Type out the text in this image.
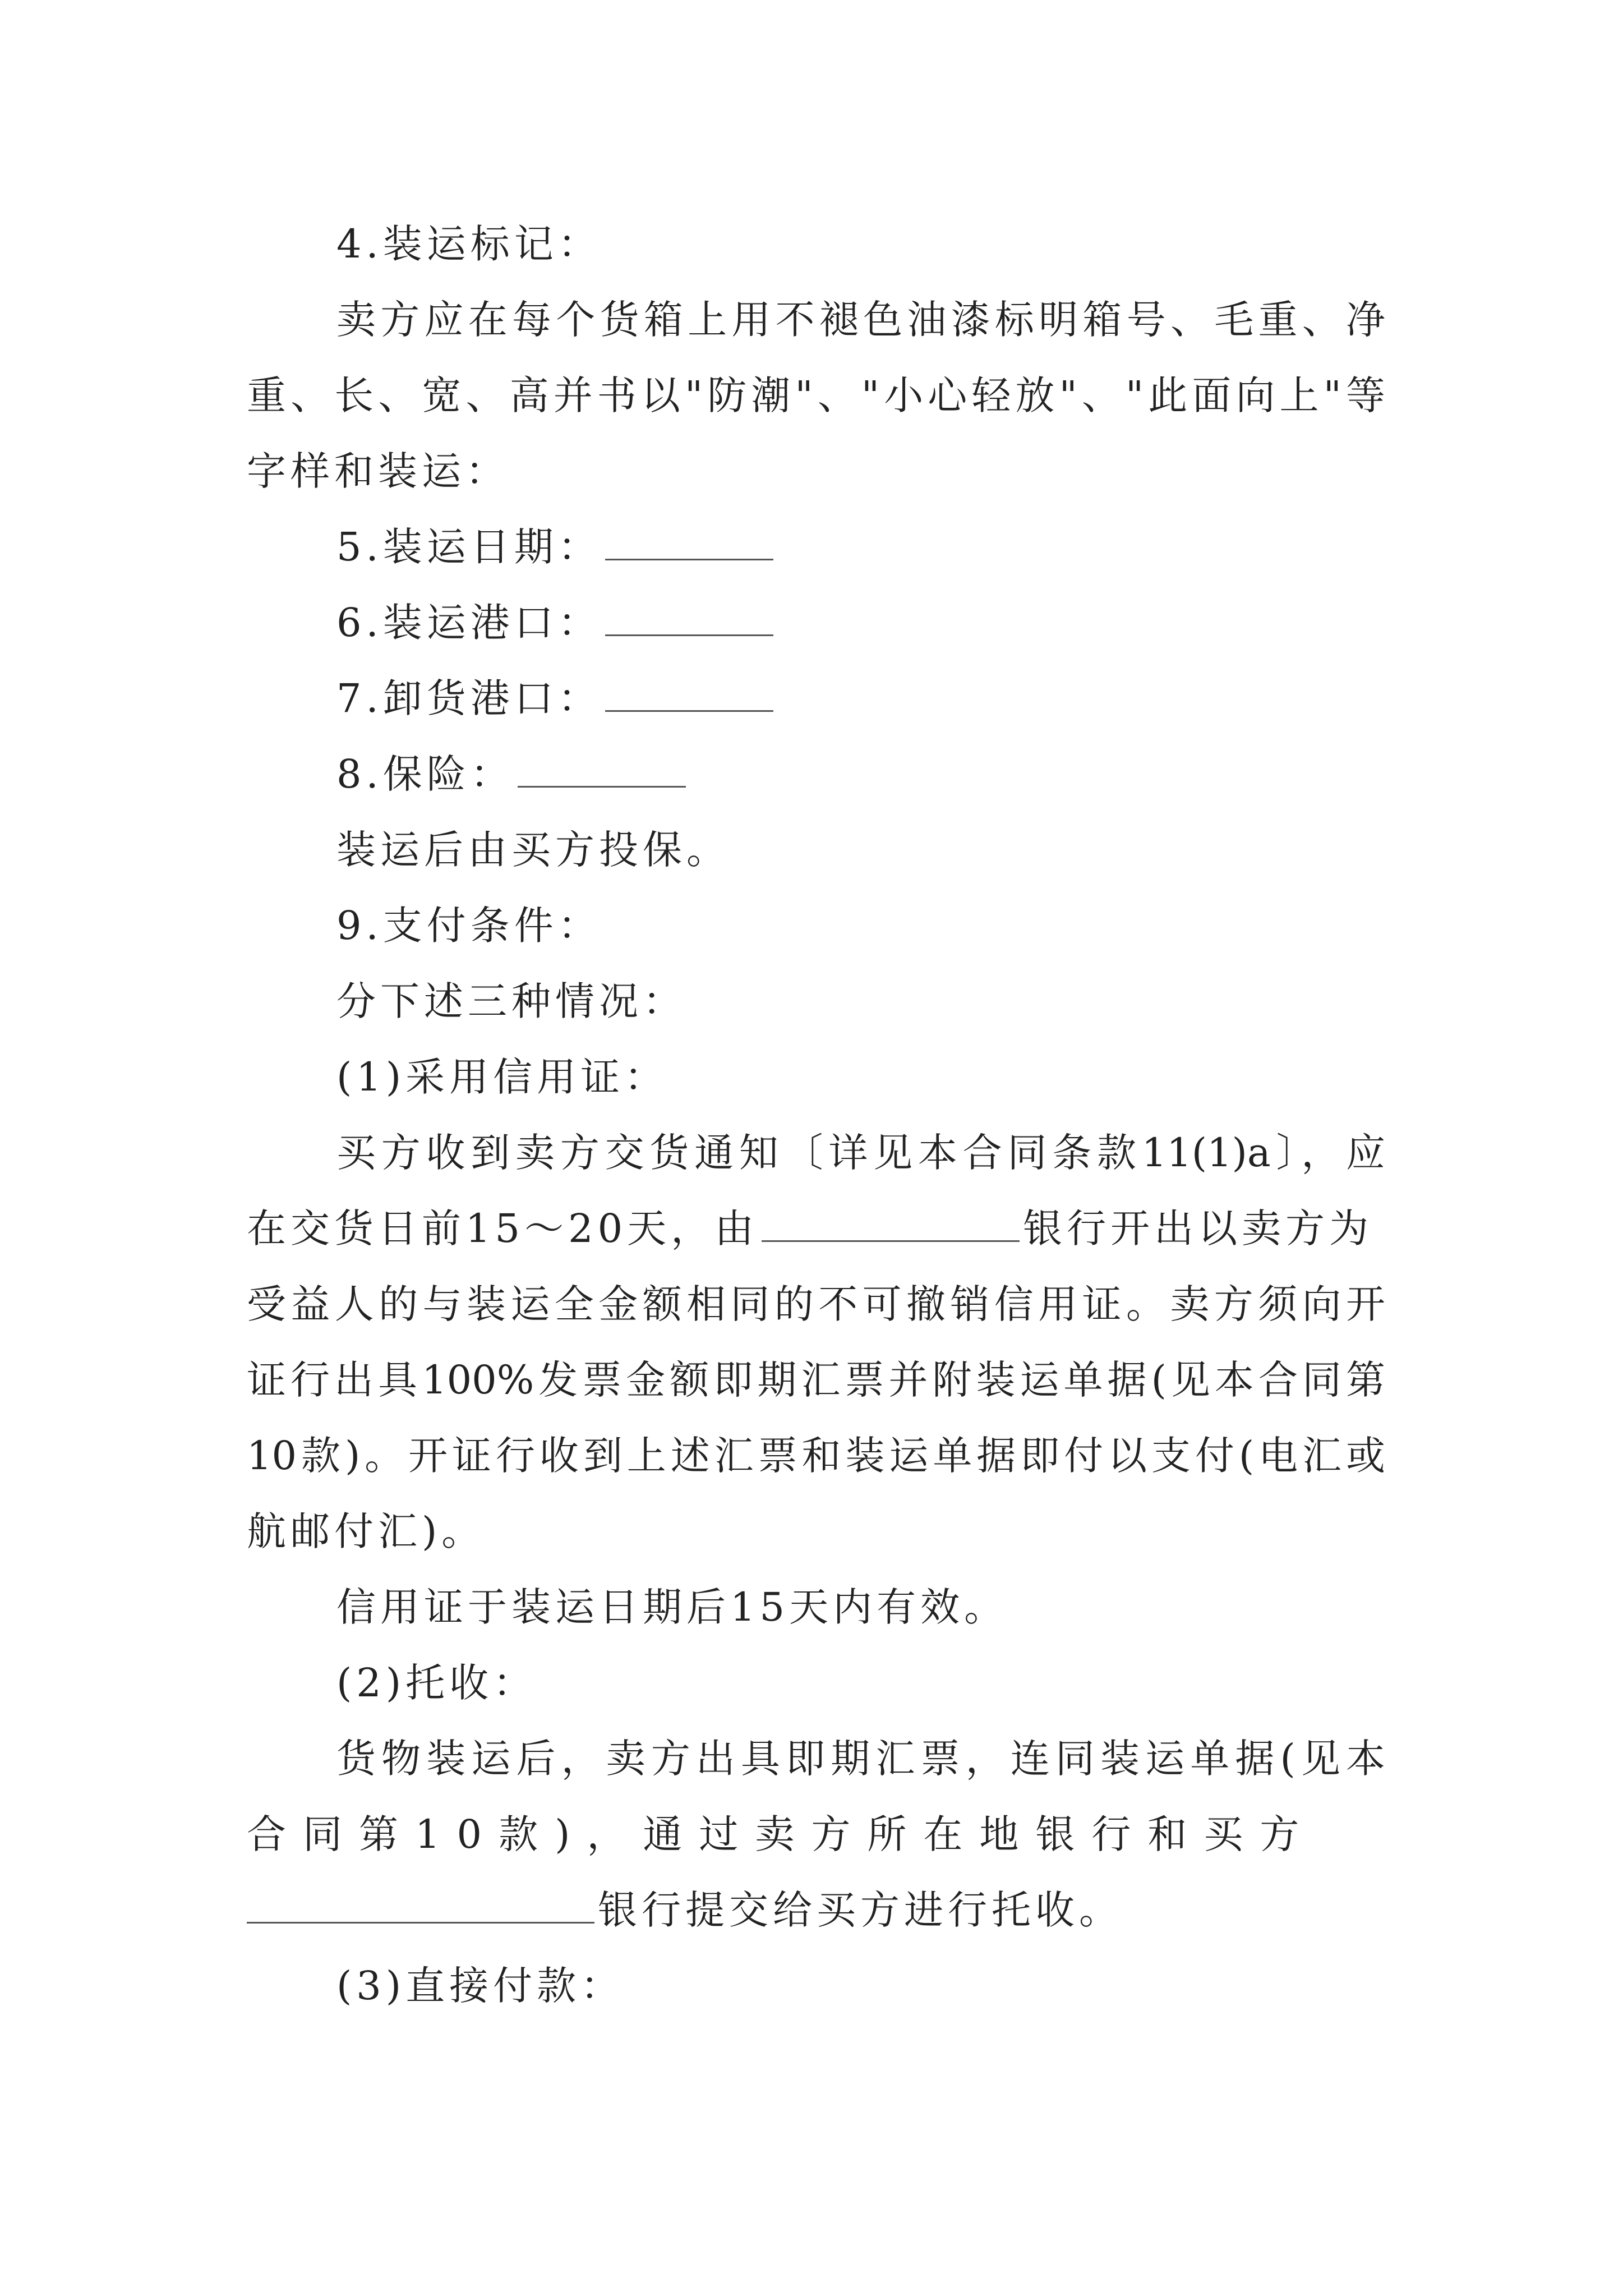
4.装运标记：
卖方应在每个货箱上用不褪色油漆标明箱号、毛重、净
重、长、宽、高并书以"防潮"、"小心轻放"、"此面向上"等
字样和装运：
5.装运日期：
6.装运港口：
7.卸货港口：
8.保险：
装运后由买方投保。
9.支付条件：
分下述三种情况：
(1)采用信用证：
买方收到卖方交货通知〔详见本合同条款11(1)a〕，应
在交货日前15～20天，由	银行开出以卖方为
受益人的与装运全金额相同的不可撤销信用证。卖方须向开
证行出具100%发票金额即期汇票并附装运单据(见本合同第
10款)。开证行收到上述汇票和装运单据即付以支付(电汇或
航邮付汇)。
信用证于装运日期后15天内有效。
(2)托收：
货物装运后，卖方出具即期汇票，连同装运单据(见本
合同第10款)，通过卖方所在地银行和买方
银行提交给买方进行托收。
(3)直接付款：
